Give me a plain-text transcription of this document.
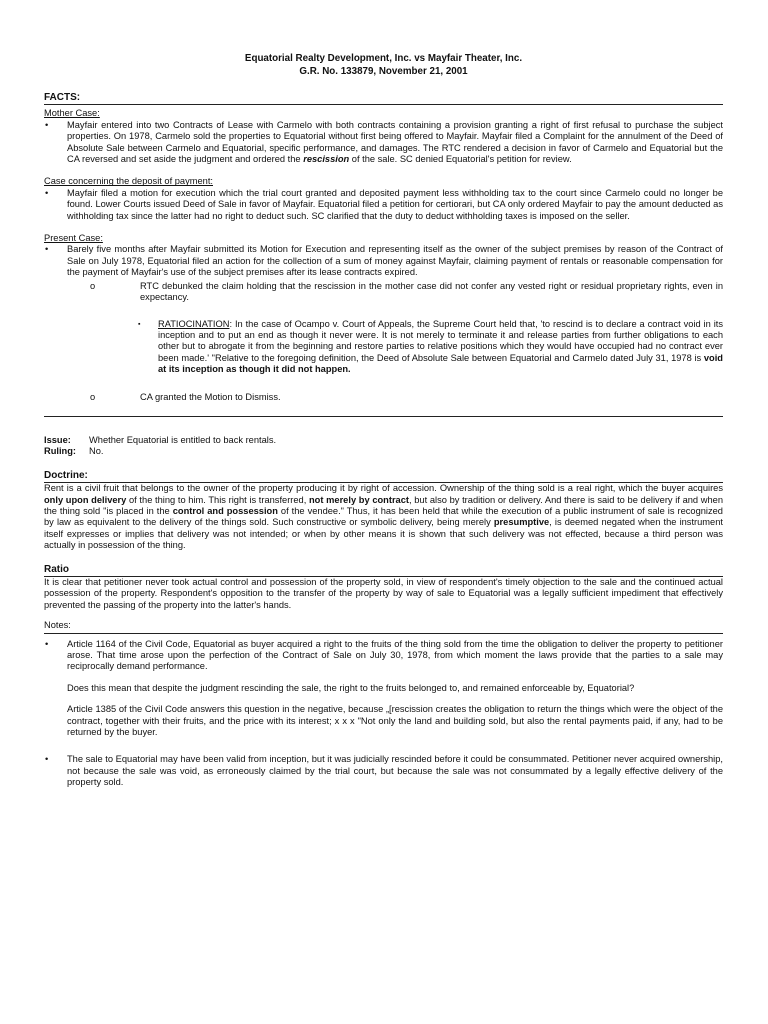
Equatorial Realty Development, Inc. vs Mayfair Theater, Inc.
G.R. No. 133879, November 21, 2001
FACTS:
Mother Case:
• Mayfair entered into two Contracts of Lease with Carmelo with both contracts containing a provision granting a right of first refusal to purchase the subject properties. On 1978, Carmelo sold the properties to Equatorial without first being offered to Mayfair. Mayfair filed a Complaint for the annulment of the Deed of Absolute Sale between Carmelo and Equatorial, specific performance, and damages. The RTC rendered a decision in favor of Carmelo and Equatorial but the CA reversed and set aside the judgment and ordered the rescission of the sale. SC denied Equatorial's petition for review.
Case concerning the deposit of payment:
• Mayfair filed a motion for execution which the trial court granted and deposited payment less withholding tax to the court since Carmelo could no longer be found. Lower Courts issued Deed of Sale in favor of Mayfair. Equatorial filed a petition for certiorari, but CA only ordered Mayfair to pay the amount deducted as withholding tax since the latter had no right to deduct such. SC clarified that the duty to deduct withholding taxes is imposed on the seller.
Present Case:
• Barely five months after Mayfair submitted its Motion for Execution and representing itself as the owner of the subject premises by reason of the Contract of Sale on July 1978, Equatorial filed an action for the collection of a sum of money against Mayfair, claiming payment of rentals or reasonable compensation for the payment of Mayfair's use of the subject premises after its lease contracts expired.
o	RTC debunked the claim holding that the rescission in the mother case did not confer any vested right or residual proprietary rights, even in expectancy.
▪ RATIOCINATION: In the case of Ocampo v. Court of Appeals, the Supreme Court held that, 'to rescind is to declare a contract void in its inception and to put an end as though it never were. It is not merely to terminate it and release parties from further obligations to each other but to abrogate it from the beginning and restore parties to relative positions which they would have occupied had no contract ever been made.' "Relative to the foregoing definition, the Deed of Absolute Sale between Equatorial and Carmelo dated July 31, 1978 is void at its inception as though it did not happen.
o	CA granted the Motion to Dismiss.
Issue: Whether Equatorial is entitled to back rentals.
Ruling: No.
Doctrine:
Rent is a civil fruit that belongs to the owner of the property producing it by right of accession. Ownership of the thing sold is a real right, which the buyer acquires only upon delivery of the thing to him. This right is transferred, not merely by contract, but also by tradition or delivery. And there is said to be delivery if and when the thing sold "is placed in the control and possession of the vendee." Thus, it has been held that while the execution of a public instrument of sale is recognized by law as equivalent to the delivery of the things sold. Such constructive or symbolic delivery, being merely presumptive, is deemed negated when the instrument itself expresses or implies that delivery was not intended; or when by other means it is shown that such delivery was not effected, because a third person was actually in possession of the thing.
Ratio
It is clear that petitioner never took actual control and possession of the property sold, in view of respondent's timely objection to the sale and the continued actual possession of the property. Respondent's opposition to the transfer of the property by way of sale to Equatorial was a legally sufficient impediment that effectively prevented the passing of the property into the latter's hands.
Notes:
• Article 1164 of the Civil Code, Equatorial as buyer acquired a right to the fruits of the thing sold from the time the obligation to deliver the property to petitioner arose. That time arose upon the perfection of the Contract of Sale on July 30, 1978, from which moment the laws provide that the parties to a sale may reciprocally demand performance.
Does this mean that despite the judgment rescinding the sale, the right to the fruits belonged to, and remained enforceable by, Equatorial?
Article 1385 of the Civil Code answers this question in the negative, because „[rescission creates the obligation to return the things which were the object of the contract, together with their fruits, and the price with its interest; x x x "Not only the land and building sold, but also the rental payments paid, if any, had to be returned by the buyer.
• The sale to Equatorial may have been valid from inception, but it was judicially rescinded before it could be consummated. Petitioner never acquired ownership, not because the sale was void, as erroneously claimed by the trial court, but because the sale was not consummated by a legally effective delivery of the property sold.
